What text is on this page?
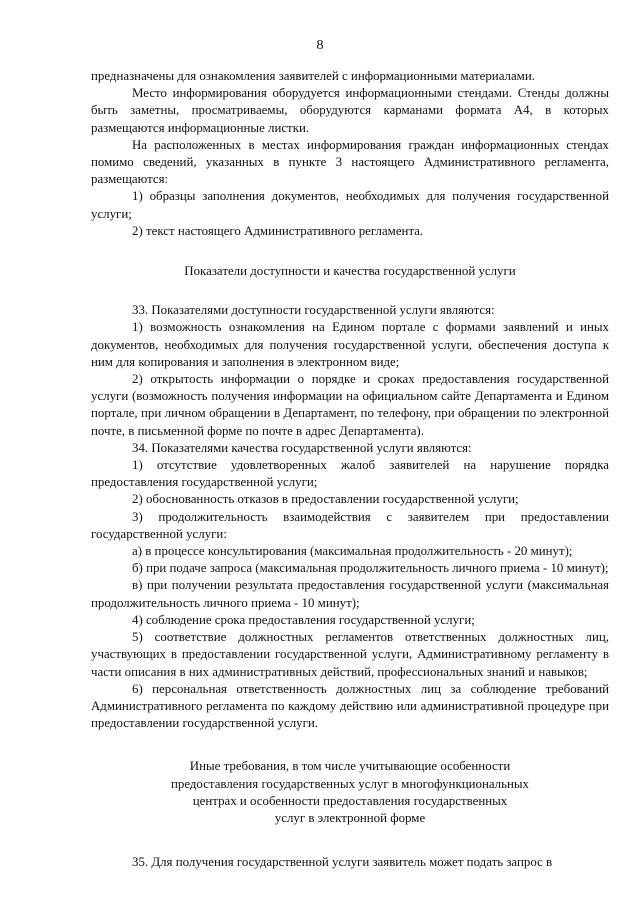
8

предназначены для ознакомления заявителей с информационными материалами.

Место информирования оборудуется информационными стендами. Стенды должны быть заметны, просматриваемы, оборудуются карманами формата А4, в которых размещаются информационные листки.

На расположенных в местах информирования граждан информационных стендах помимо сведений, указанных в пункте 3 настоящего Административного регламента, размещаются:

1) образцы заполнения документов, необходимых для получения государственной услуги;

2) текст настоящего Административного регламента.

Показатели доступности и качества государственной услуги

33. Показателями доступности государственной услуги являются:

1) возможность ознакомления на Едином портале с формами заявлений и иных документов, необходимых для получения государственной услуги, обеспечения доступа к ним для копирования и заполнения в электронном виде;

2) открытость информации о порядке и сроках предоставления государственной услуги (возможность получения информации на официальном сайте Департамента и Едином портале, при личном обращении в Департамент, по телефону, при обращении по электронной почте, в письменной форме по почте в адрес Департамента).

34. Показателями качества государственной услуги являются:

1) отсутствие удовлетворенных жалоб заявителей на нарушение порядка предоставления государственной услуги;

2) обоснованность отказов в предоставлении государственной услуги;

3) продолжительность взаимодействия с заявителем при предоставлении государственной услуги:

а) в процессе консультирования (максимальная продолжительность - 20 минут);

б) при подаче запроса (максимальная продолжительность личного приема - 10 минут);

в) при получении результата предоставления государственной услуги (максимальная продолжительность личного приема - 10 минут);

4) соблюдение срока предоставления государственной услуги;

5) соответствие должностных регламентов ответственных должностных лиц, участвующих в предоставлении государственной услуги, Административному регламенту в части описания в них административных действий, профессиональных знаний и навыков;

6) персональная ответственность должностных лиц за соблюдение требований Административного регламента по каждому действию или административной процедуре при предоставлении государственной услуги.

Иные требования, в том числе учитывающие особенности

предоставления государственных услуг в многофункциональных

центрах и особенности предоставления государственных

услуг в электронной форме

35. Для получения государственной услуги заявитель может подать запрос в
